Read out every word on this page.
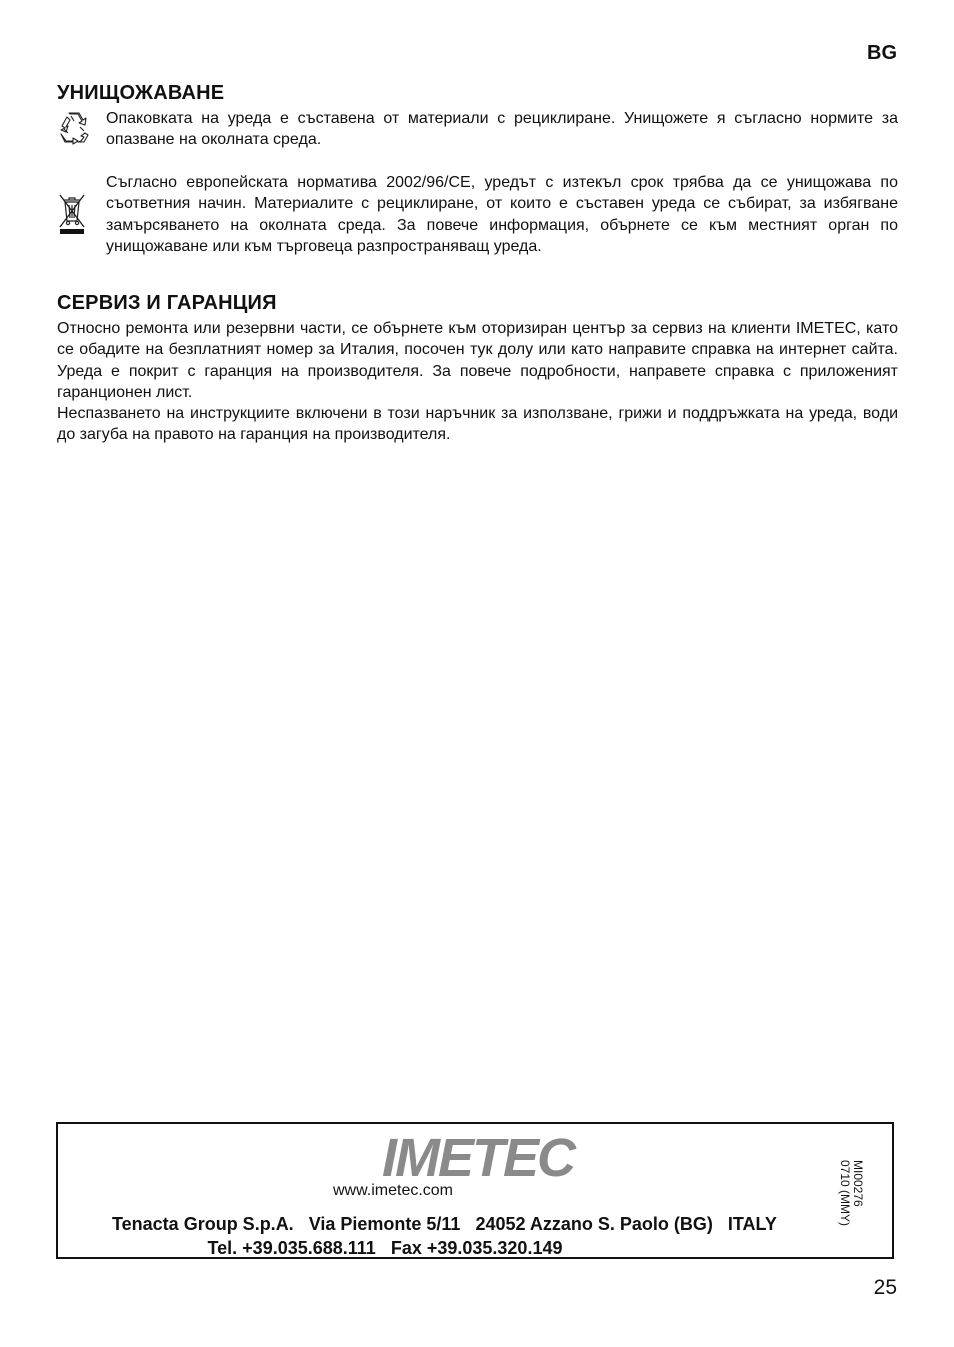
BG
УНИЩОЖАВАНЕ

Опаковката на уреда е съставена от материали с рециклиране. Унищожете я съгласно нормите за опазване на околната среда.

Съгласно европейската норматива 2002/96/CE, уредът с изтекъл срок трябва да се унищожава по съответния начин. Материалите с рециклиране, от които е съставен уреда се събират, за избягване замърсяването на околната среда. За повече информация, обърнете се към местният орган по унищожаване или към търговеца разпространяващ уреда.

СЕРВИЗ И ГАРАНЦИЯ

Относно ремонта или резервни части, се обърнете към оторизиран център за сервиз на клиенти IMETEC, като се обадите на безплатният номер за Италия, посочен тук долу или като направите справка на интернет сайта. Уреда е покрит с гаранция на производителя. За повече подробности, направете справка с приложеният гаранционен лист.

Неспазването на инструкциите включени в този наръчник за използване, грижи и поддръжката на уреда, води до загуба на правото на гаранция на производителя.

IMETEC
www.imetec.com
Tenacta Group S.p.A.   Via Piemonte 5/11   24052 Azzano S. Paolo (BG)   ITALY
Tel. +39.035.688.111   Fax +39.035.320.149
MI00276
0710 (MMY)
25
